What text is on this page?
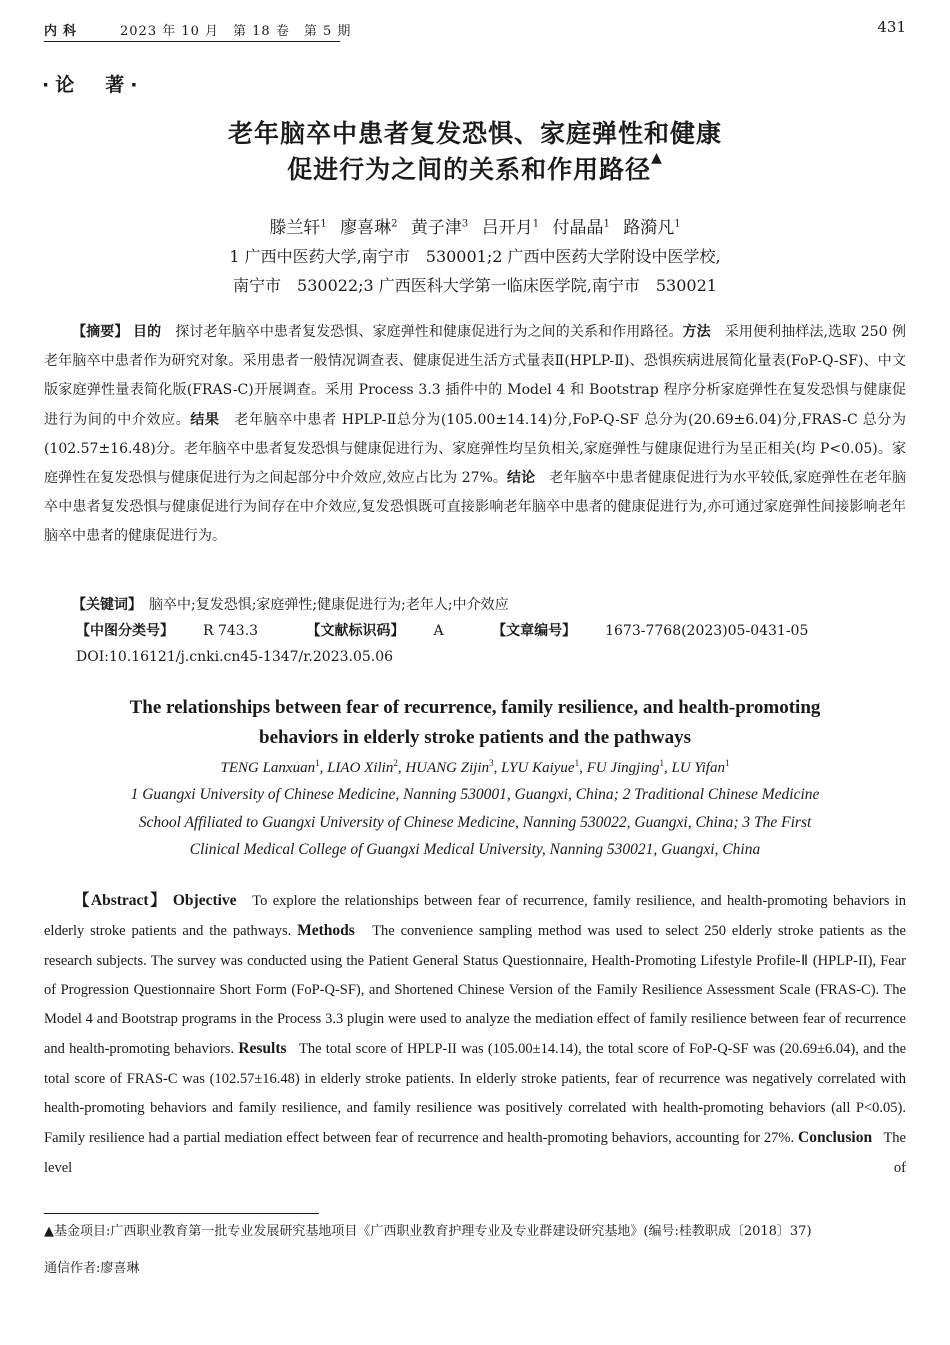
内科	2023 年 10 月　第 18 卷　第 5 期	431
·论　著·
老年脑卒中患者复发恐惧、家庭弹性和健康
促进行为之间的关系和作用路径▲
滕兰轩$^1$ 廖喜琳$^2$ 黄子津$^3$ 吕开月$^1$ 付晶晶$^1$ 路漪凡$^1$
1 广西中医药大学,南宁市　530001;2 广西中医药大学附设中医学校,
南宁市　530022;3 广西医科大学第一临床医学院,南宁市　530021
【摘要】 目的　 探讨老年脑卒中患者复发恐惧、家庭弹性和健康促进行为之间的关系和作用路径。方法　 采用便利抽样法,选取 250 例老年脑卒中患者作为研究对象。采用患者一般情况调查表、健康促进生活方式量表Ⅱ(HPLP-Ⅱ)、恐惧疾病进展简化量表(FoP-Q-SF)、中文版家庭弹性量表简化版(FRAS-C)开展调查。采用 Process 3.3 插件中的 Model 4 和 Bootstrap 程序分析家庭弹性在复发恐惧与健康促进行为间的中介效应。结果　 老年脑卒中患者 HPLP-Ⅱ总分为(105.00±14.14)分,FoP-Q-SF 总分为(20.69±6.04)分,FRAS-C 总分为(102.57±16.48)分。老年脑卒中患者复发恐惧与健康促进行为、家庭弹性均呈负相关,家庭弹性与健康促进行为呈正相关(均 P<0.05)。家庭弹性在复发恐惧与健康促进行为之间起部分中介效应,效应占比为 27%。结论　 老年脑卒中患者健康促进行为水平较低,家庭弹性在老年脑卒中患者复发恐惧与健康促进行为间存在中介效应,复发恐惧既可直接影响老年脑卒中患者的健康促进行为,亦可通过家庭弹性间接影响老年脑卒中患者的健康促进行为。
【关键词】　 脑卒中;复发恐惧;家庭弹性;健康促进行为;老年人;中介效应
【中图分类号】　	R 743.3	【文献标识码】　	A	【文章编号】　	1673-7768(2023)05-0431-05
DOI:10.16121/j.cnki.cn45-1347/r.2023.05.06
The relationships between fear of recurrence, family resilience, and health-promoting
behaviors in elderly stroke patients and the pathways
TENG Lanxuan$^1$, LIAO Xilin$^2$, HUANG Zijin$^3$, LYU Kaiyue$^1$, FU Jingjing$^1$, LU Yifan$^1$
1 Guangxi University of Chinese Medicine, Nanning 530001, Guangxi, China; 2 Traditional Chinese Medicine
School Affiliated to Guangxi University of Chinese Medicine, Nanning 530022, Guangxi, China; 3 The First
Clinical Medical College of Guangxi Medical University, Nanning 530021, Guangxi, China
【Abstract】 Objective To explore the relationships between fear of recurrence, family resilience, and health-promoting behaviors in elderly stroke patients and the pathways. Methods The convenience sampling method was used to select 250 elderly stroke patients as the research subjects. The survey was conducted using the Patient General Status Questionnaire, Health-Promoting Lifestyle Profile-Ⅱ (HPLP-II), Fear of Progression Questionnaire Short Form (FoP-Q-SF), and Shortened Chinese Version of the Family Resilience Assessment Scale (FRAS-C). The Model 4 and Bootstrap programs in the Process 3.3 plugin were used to analyze the mediation effect of family resilience between fear of recurrence and health-promoting behaviors. Results The total score of HPLP-II was (105.00±14.14), the total score of FoP-Q-SF was (20.69±6.04), and the total score of FRAS-C was (102.57±16.48) in elderly stroke patients. In elderly stroke patients, fear of recurrence was negatively correlated with health-promoting behaviors and family resilience, and family resilience was positively correlated with health-promoting behaviors (all P<0.05). Family resilience had a partial mediation effect between fear of recurrence and health-promoting behaviors, accounting for 27%. Conclusion The level of
▲基金项目:广西职业教育第一批专业发展研究基地项目《广西职业教育护理专业及专业群建设研究基地》(编号:桂教职成〔2018〕37)
通信作者:廖喜琳
